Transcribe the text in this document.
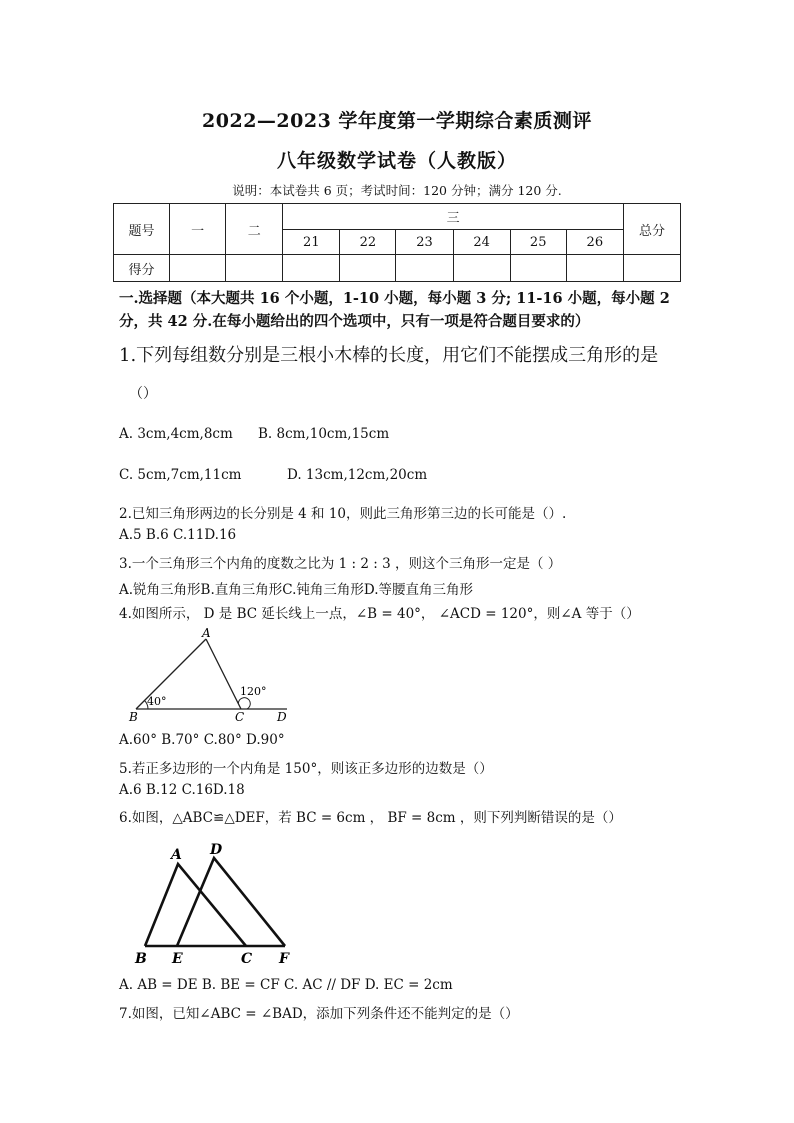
2022—2023 学年度第一学期综合素质测评
八年级数学试卷（人教版）
说明：本试卷共 6 页；考试时间：120 分钟；满分 120 分.
题号	一	二	三						总分
			21	22	23	24	25	26	
得分									
一.选择题（本大题共 16 个小题，1-10 小题，每小题 3 分; 11-16 小题，每小题 2 分，共 42 分.在每小题给出的四个选项中，只有一项是符合题目要求的）
1.下列每组数分别是三根小木棒的长度，用它们不能摆成三角形的是
（）
A. 3cm,4cm,8cm B. 8cm,10cm,15cm
C. 5cm,7cm,11cm	D. 13cm,12cm,20cm
2.已知三角形两边的长分别是 4 和 10，则此三角形第三边的长可能是（）.
A.5 B.6 C.11D.16
3.一个三角形三个内角的度数之比为 1 : 2 : 3 ，则这个三角形一定是（ ）
A.锐角三角形B.直角三角形C.钝角三角形D.等腰直角三角形
4.如图所示， D 是 BC 延长线上一点，∠B = 40°， ∠ACD = 120°，则∠A 等于（）
A
B	C	D
40°
120°
A.60° B.70° C.80° D.90°
5.若正多边形的一个内角是 150°，则该正多边形的边数是（）
A.6 B.12 C.16D.18
6.如图，△ABC≌△DEF，若 BC = 6cm ， BF = 8cm ，则下列判断错误的是（）
A D
B E	C F
A. AB = DE B. BE = CF C. AC // DF D. EC = 2cm
7.如图，已知∠ABC = ∠BAD，添加下列条件还不能判定的是（）
